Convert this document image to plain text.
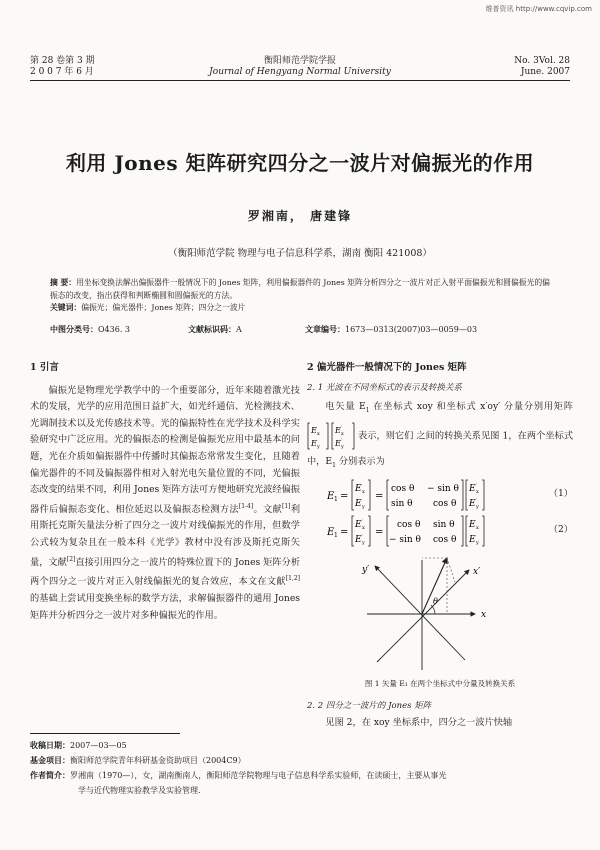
维普资讯 http://www.cqvip.com
第 28 卷第 3 期
2 0 0 7 年 6 月
衡阳师范学院学报
Journal of Hengyang Normal University
No. 3Vol. 28
June. 2007
利用 Jones 矩阵研究四分之一波片对偏振光的作用
罗湘南， 唐建锋
（衡阳师范学院 物理与电子信息科学系，湖南 衡阳 421008）
摘 要：用坐标变换法解出偏振器件一般情况下的 Jones 矩阵，利用偏振器件的 Jones 矩阵分析四分之一波片对正入射平面偏振光和圆偏振光的偏振态的改变，指出获得和判断椭圆和圆偏振光的方法。
关键词：偏振光；偏光器件；Jones 矩阵；四分之一波片
中图分类号：O436. 3	文献标识码：A	文章编号：1673—0313(2007)03—0059—03
1 引言

偏振光是物理光学教学中的一个重要部分，近年来随着激光技术的发展，光学的应用范围日益扩大，如光纤通信、光检测技术、光调制技术以及光传感技术等。光的偏振特性在光学技术及科学实验研究中广泛应用。光的偏振态的检测是偏振光应用中最基本的问题，光在介质如偏振器件中传播时其偏振态常常发生变化，且随着偏光器件的不同及偏振器件相对入射光电矢量位置的不同，光偏振态改变的结果不同，利用 Jones 矩阵方法可方便地研究光波经偏振器件后偏振态变化、相位延迟以及偏振态检测方法[1-4]。文献[1]利用斯托克斯矢量法分析了四分之一波片对线偏振光的作用，但数学公式较为复杂且在一般本科《光学》教材中没有涉及斯托克斯矢量，文献[2]直接引用四分之一波片的特殊位置下的 Jones 矩阵分析两个四分之一波片对正入射线偏振光的复合效应，本文在文献[1,2]的基础上尝试用变换坐标的数学方法，求解偏振器件的通用 Jones 矩阵并分析四分之一波片对多种偏振光的作用。

2 偏光器件一般情况下的 Jones 矩阵
2. 1 光波在不同坐标式的表示及转换关系

电矢量 $E_1$ 在坐标式 xoy 和坐标式 x′oy′ 分量分别用矩阵
E x
E y
E ′
x
E ′
y
表示，则它们 之间的转换关系见图 1，在两个坐标式中，$E_1$ 分别表示为

E 1 =
E x
E y
=
cos θ − sin θ
sin θ cos θ
E ′
x
E ′
y
（1）
E 1 =
E ′
x
E ′
y
=
cos θ sin θ
− sin θ cos θ
E x
E y
（2）
y′	x′
x
θ
图 1 矢量 E₁ 在两个坐标式中分量及转换关系
2. 2 四分之一波片的 Jones 矩阵

见图 2，在 xoy 坐标系中，四分之一波片快轴

收稿日期：2007—03—05
基金项目：衡阳师范学院青年科研基金资助项目（2004C9）
作者简介：罗湘南（1970—），女，湖南衡南人，衡阳师范学院物理与电子信息科学系实验师，在读硕士，主要从事光
学与近代物理实验教学及实验管理.
